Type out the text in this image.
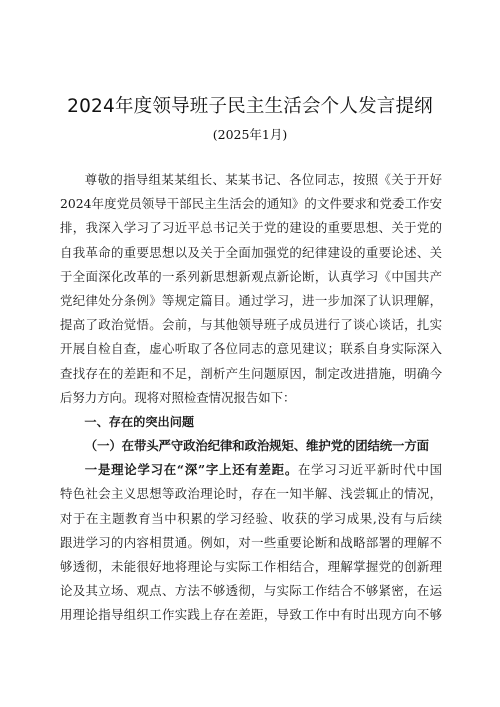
2024年度领导班子民主生活会个人发言提纲
(2025年1月)
尊敬的指导组某某组长、某某书记、各位同志，按照《关于开好
2024年度党员领导干部民主生活会的通知》的文件要求和党委工作安
排，我深入学习了习近平总书记关于党的建设的重要思想、关于党的
自我革命的重要思想以及关于全面加强党的纪律建设的重要论述、关
于全面深化改革的一系列新思想新观点新论断，认真学习《中国共产
党纪律处分条例》等规定篇目。通过学习，进一步加深了认识理解，
提高了政治觉悟。会前，与其他领导班子成员进行了谈心谈话，扎实
开展自检自查，虚心听取了各位同志的意见建议；联系自身实际深入
查找存在的差距和不足，剖析产生问题原因，制定改进措施，明确今
后努力方向。现将对照检查情况报告如下：
一、存在的突出问题
（一）在带头严守政治纪律和政治规矩、维护党的团结统一方面
一是理论学习在“深”字上还有差距。在学习习近平新时代中国
特色社会主义思想等政治理论时，存在一知半解、浅尝辄止的情况，
对于在主题教育当中积累的学习经验、收获的学习成果,没有与后续
跟进学习的内容相贯通。例如，对一些重要论断和战略部署的理解不
够透彻，未能很好地将理论与实际工作相结合，理解掌握党的创新理
论及其立场、观点、方法不够透彻，与实际工作结合不够紧密，在运
用理论指导组织工作实践上存在差距，导致工作中有时出现方向不够
